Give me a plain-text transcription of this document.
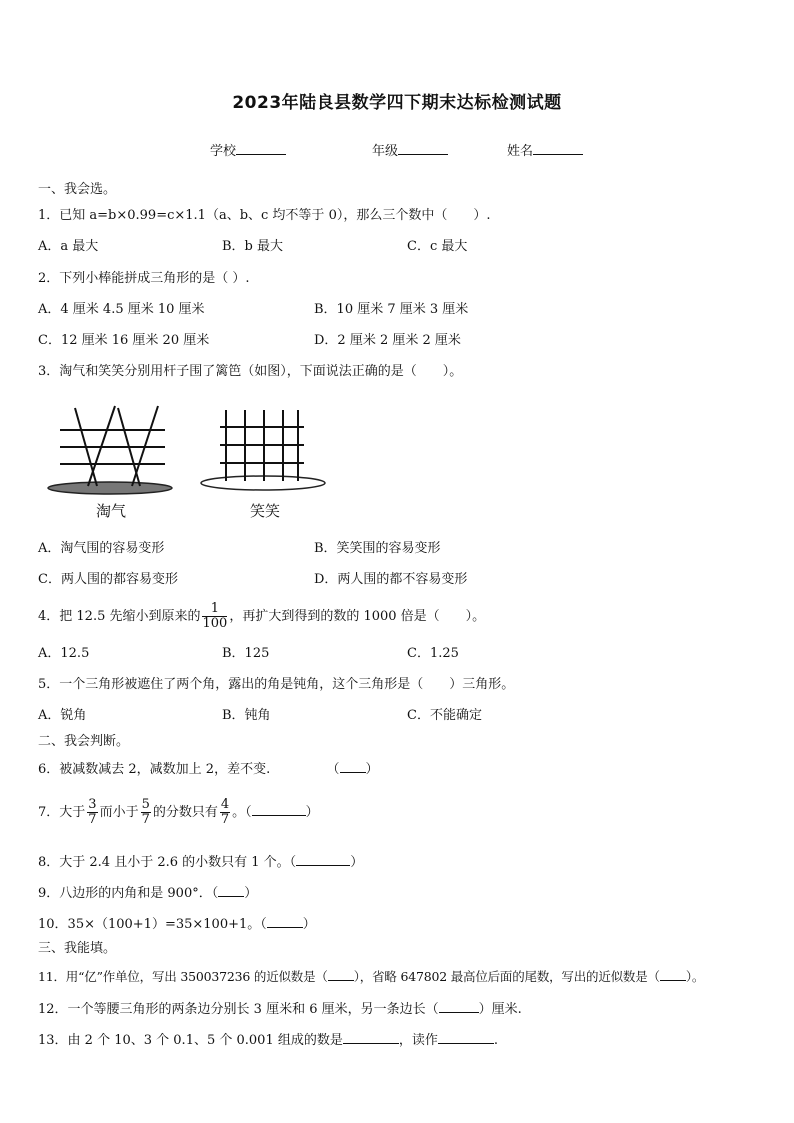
2023年陆良县数学四下期末达标检测试题
学校	年级	姓名
一、我会选。
1．已知 a=b×0.99=c×1.1（a、b、c 均不等于 0），那么三个数中（　　）.
A．a 最大	B．b 最大	C．c 最大
2．下列小棒能拼成三角形的是（ ）.
A．4 厘米 4.5 厘米 10 厘米	B．10 厘米 7 厘米 3 厘米
C．12 厘米 16 厘米 20 厘米	D．2 厘米 2 厘米 2 厘米
3．淘气和笑笑分别用杆子围了篱笆（如图），下面说法正确的是（　　）。
淘气	笑笑
A．淘气围的容易变形	B．笑笑围的容易变形
C．两人围的都容易变形	D．两人围的都不容易变形
4．把 12.5 先缩小到原来的 $\frac{1}{100}$ ，再扩大到得到的数的 1000 倍是（　　）。
A．12.5	B．125	C．1.25
5．一个三角形被遮住了两个角，露出的角是钝角，这个三角形是（　　）三角形。
A．锐角	B．钝角	C．不能确定
二、我会判断。
6．被减数减去 2，减数加上 2，差不变.	（ ）
7．大于 $\frac{3}{7}$ 而小于 $\frac{5}{7}$ 的分数只有 $\frac{4}{7}$ 。（	）
8．大于 2.4 且小于 2.6 的小数只有 1 个。（	）
9．八边形的内角和是 900°．（ ）
10．35×（100+1）=35×100+1。（	）
三、我能填。
11．用“亿”作单位，写出 350037236 的近似数是（ ），省略 647802 最高位后面的尾数，写出的近似数是（ ）。
12．一个等腰三角形的两条边分别长 3 厘米和 6 厘米，另一条边长（	）厘米.
13．由 2 个 10、3 个 0.1、5 个 0.001 组成的数是	，读作	.
